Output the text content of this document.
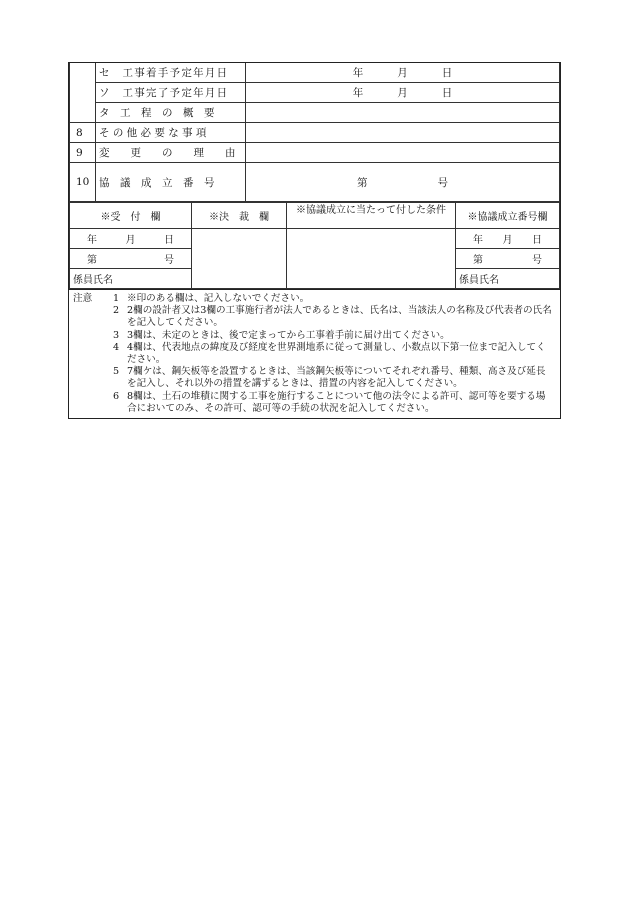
	セ　工事着手予定年月日	年 月 日

	ソ　工事完了予定年月日	年 月 日

	タ　工　程　の　概　要	
8	そ の 他 必 要 な 事 項	
9	変　　更　　の　　理　　由	
10	協　議　成　立　番　号	第 号
※受　付　欄	※決　裁　欄	※協議成立に当たって付した条件	※協議成立番号欄

年 月 日			年 月 日

第 号			第 号

係員氏名			係員氏名
注意	1 ※印のある欄は、記入しないでください。
2 2欄の設計者又は3欄の工事施行者が法人であるときは、氏名は、当該法人の名称及び代表者の氏名を記入してください。
3 3欄は、未定のときは、後で定まってから工事着手前に届け出てください。
4 4欄は、代表地点の緯度及び経度を世界測地系に従って測量し、小数点以下第一位まで記入してください。
5 7欄ケは、鋼矢板等を設置するときは、当該鋼矢板等についてそれぞれ番号、種類、高さ及び延長を記入し、それ以外の措置を講ずるときは、措置の内容を記入してください。
6 8欄は、土石の堆積に関する工事を施行することについて他の法令による許可、認可等を要する場合においてのみ、その許可、認可等の手続の状況を記入してください。
